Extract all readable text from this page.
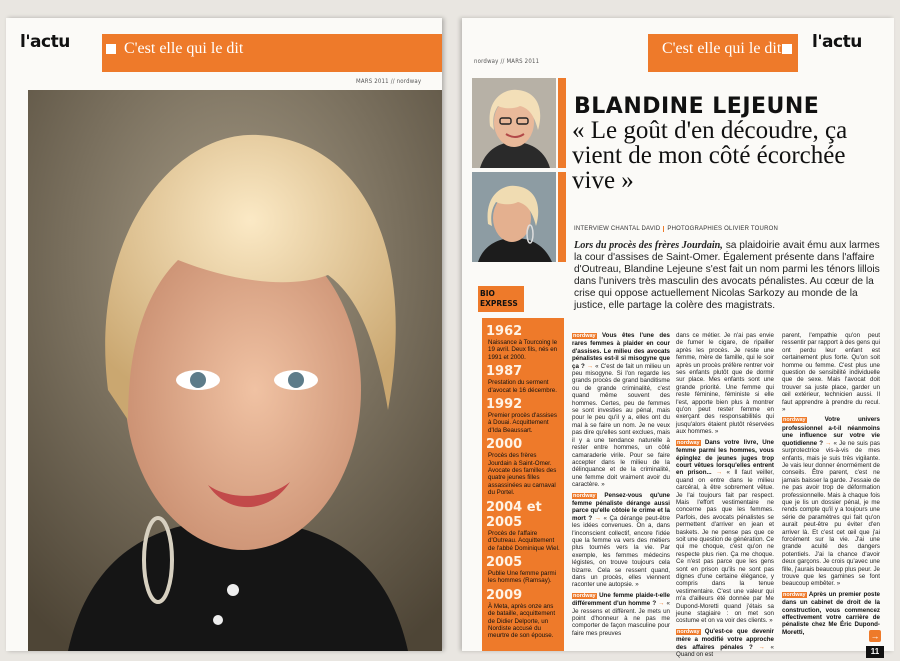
l'actu	C'est elle qui le dit
MARS 2011 // nordway
C'est elle qui le dit l'actu
nordway // MARS 2011
BLANDINE LEJEUNE
« Le goût d'en découdre, ça vient de mon côté écorchée vive »
INTERVIEW CHANTAL DAVID PHOTOGRAPHIES OLIVIER TOURON
Lors du procès des frères Jourdain, sa plaidoirie avait ému aux larmes la cour d'assises de Saint-Omer. Également présente dans l'affaire d'Outreau, Blandine Lejeune s'est fait un nom parmi les ténors lillois dans l'univers très masculin des avocats pénalistes. Au cœur de la crise qui oppose actuellement Nicolas Sarkozy au monde de la justice, elle partage la colère des magistrats.
BIO
EXPRESS
1962
Naissance à Tourcoing le 19 avril. Deux fils, nés en 1991 et 2000.
1987
Prestation du serment d'avocat le 16 décembre.
1992
Premier procès d'assises à Douai. Acquittement d'Ida Beaussart.
2000
Procès des frères Jourdain à Saint-Omer. Avocate des familles des quatre jeunes filles assassinées au carnaval du Portel.
2004 et 2005
Procès de l'affaire d'Outreau. Acquittement de l'abbé Dominique Wiel.
2005
Publie Une femme parmi les hommes (Ramsay).
2009
À Meta, après onze ans de bataille, acquittement de Didier Delporte, un Nordiste accusé du meurtre de son épouse.

nordway Vous êtes l'une des rares femmes à plaider en cour d'assises. Le milieu des avocats pénalistes est-il si misogyne que ça ? → « C'est de fait un milieu un peu misogyne. Si l'on regarde les grands procès de grand banditisme ou de grande criminalité, c'est quand même souvent des hommes. Certes, peu de femmes se sont investies au pénal, mais pour le peu qu'il y a, elles ont du mal à se faire un nom. Je ne veux pas dire qu'elles sont exclues, mais il y a une tendance naturelle à rester entre hommes, un côté camaraderie virile. Pour se faire accepter dans le milieu de la délinquance et de la criminalité, une femme doit vraiment avoir du caractère. »

nordway Pensez-vous qu'une femme pénaliste dérange aussi parce qu'elle côtoie le crime et la mort ? → « Ça dérange peut-être les idées convenues. On a, dans l'inconscient collectif, encore l'idée que la femme va vers des métiers plus tournés vers la vie. Par exemple, les femmes médecins légistes, on trouve toujours cela bizarre. Cela se ressent quand, dans un procès, elles viennent raconter une autopsie. »

nordway Une femme plaide-t-elle différemment d'un homme ? → « Je ressens et diffèrent. Je mets un point d'honneur à ne pas me comporter de façon masculine pour faire mes preuves

dans ce métier. Je n'ai pas envie de fumer le cigare, de ripailler après les procès. Je reste une femme, mère de famille, qui le soir après un procès préfère rentrer voir ses enfants plutôt que de dormir sur place. Mes enfants sont une grande priorité. Une femme qui reste féminine, féministe si elle l'est, apporte bien plus à montrer qu'on peut rester femme en exerçant des responsabilités qui jusqu'alors étaient plutôt réservées aux hommes. »

nordway Dans votre livre, Une femme parmi les hommes, vous épinglez de jeunes juges trop court vêtues lorsqu'elles entrent en prison... → « Il faut veiller, quand on entre dans le milieu carcéral, à être sobrement vêtue. Je l'ai toujours fait par respect. Mais l'effort vestimentaire ne concerne pas que les femmes. Parfois, des avocats pénalistes se permettent d'arriver en jean et baskets. Je ne pense pas que ce soit une question de génération. Ce qui me choque, c'est qu'on ne respecte plus rien. Ça me choque. Ce n'est pas parce que les gens sont en prison qu'ils ne sont pas dignes d'une certaine élégance, y compris dans la tenue vestimentaire. C'est une valeur qui m'a d'ailleurs été donnée par Me Dupond-Moretti quand j'étais sa jeune stagiaire : on met son costume et on va voir des clients. »

nordway Qu'est-ce que devenir mère a modifié votre approche des affaires pénales ? → « Quand on est

parent, l'empathie qu'on peut ressentir par rapport à des gens qui ont perdu leur enfant est certainement plus forte. Qu'on soit homme ou femme. C'est plus une question de sensibilité individuelle que de sexe. Mais l'avocat doit trouver sa juste place, garder un œil extérieur, technicien aussi. Il faut apprendre à prendre du recul. »

nordway	Votre univers professionnel a-t-il néanmoins une influence sur votre vie quotidienne ? → « Je ne suis pas surprotectrice vis-à-vis de mes enfants, mais je suis très vigilante. Je vais leur donner énormément de conseils. Être parent, c'est ne jamais baisser la garde. J'essaie de ne pas avoir trop de déformation professionnelle. Mais à chaque fois que je lis un dossier pénal, je me rends compte qu'il y a toujours une série de paramètres qui fait qu'on aurait peut-être pu éviter d'en arriver là. Et c'est cet œil que j'ai forcément sur la vie. J'ai une grande acuité des dangers potentiels. J'ai la chance d'avoir deux garçons. Je crois qu'avec une fille, j'aurais beaucoup plus peur. Je trouve que les gamines se font beaucoup embêter. »

nordway Après un premier poste dans un cabinet de droit de la construction, vous commencez effectivement votre carrière de pénaliste chez Me Éric Dupond-Moretti,	→
11
